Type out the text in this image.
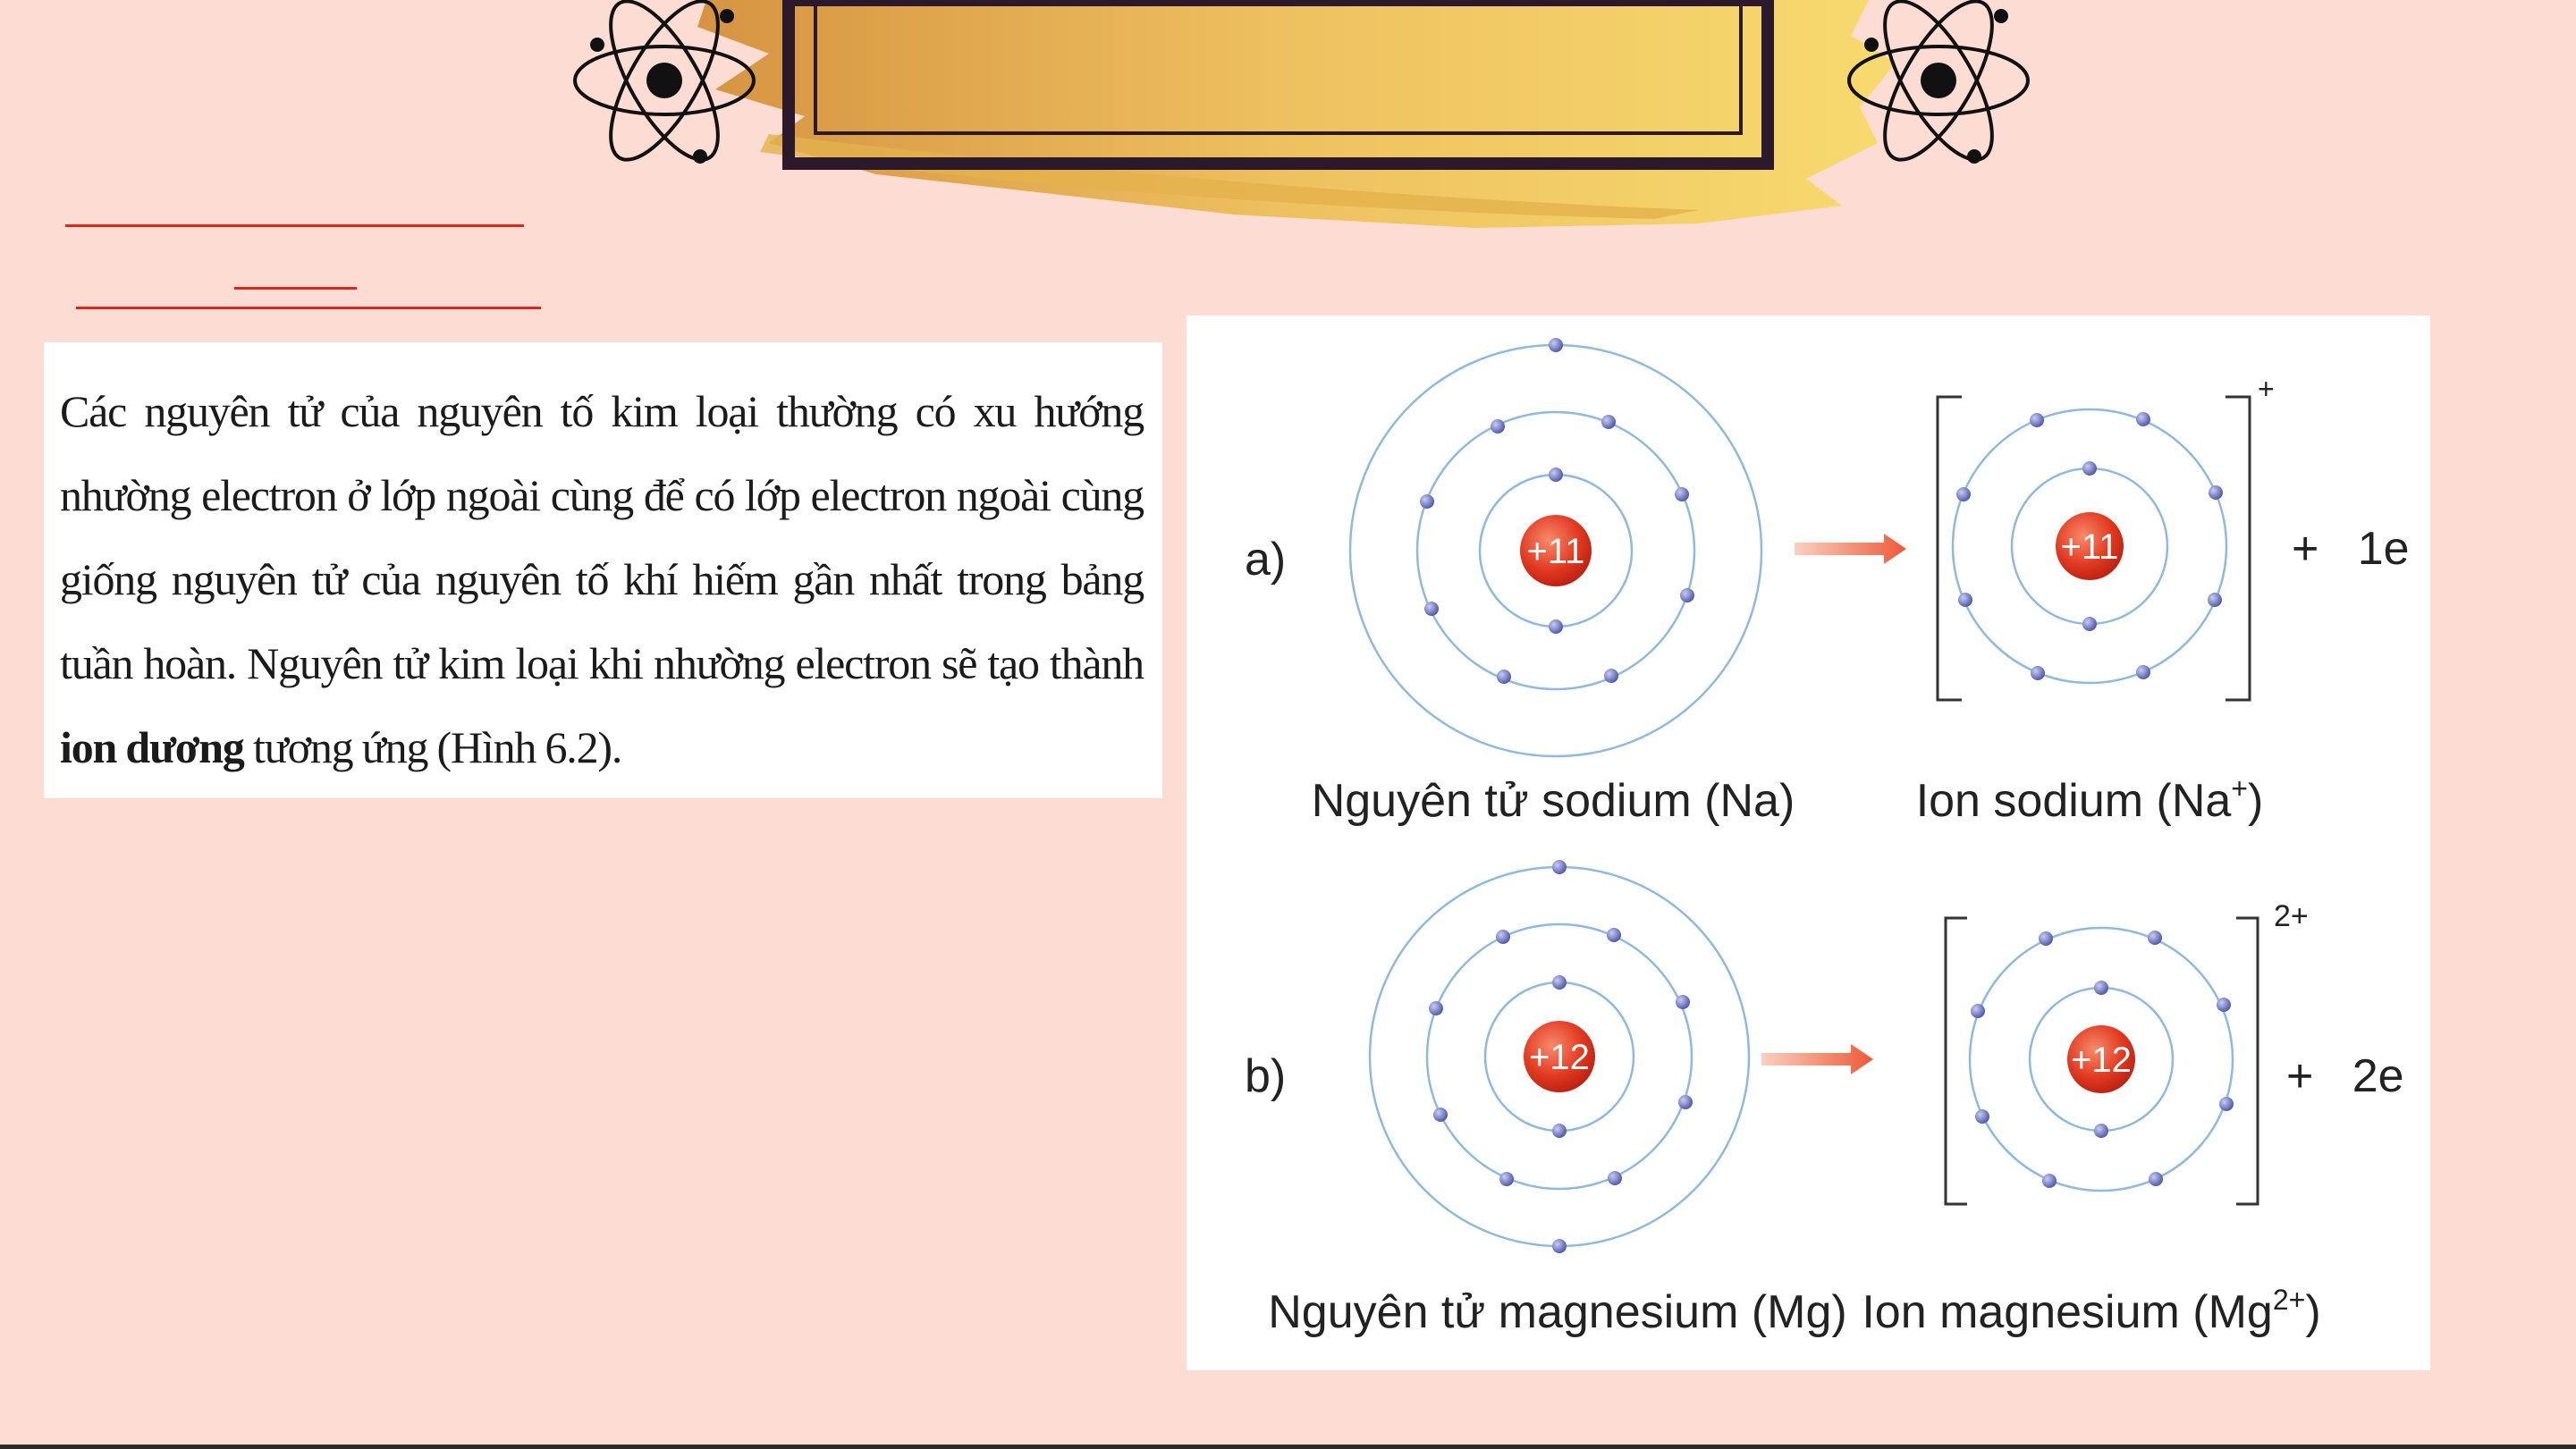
Các nguyên tử của nguyên tố kim loại thường có xu hướng nhường electron ở lớp ngoài cùng để có lớp electron ngoài cùng giống nguyên tử của nguyên tố khí hiếm gần nhất trong bảng tuần hoàn. Nguyên tử kim loại khi nhường electron sẽ tạo thành ion dương tương ứng (Hình 6.2).

a)	+11
+
+11	+   1e
Nguyên tử sodium (Na)	Ion sodium (Na+)
b)	+12
2+
+12	+   2e
Nguyên tử magnesium (Mg) Ion magnesium $(Mg^{2+})$
